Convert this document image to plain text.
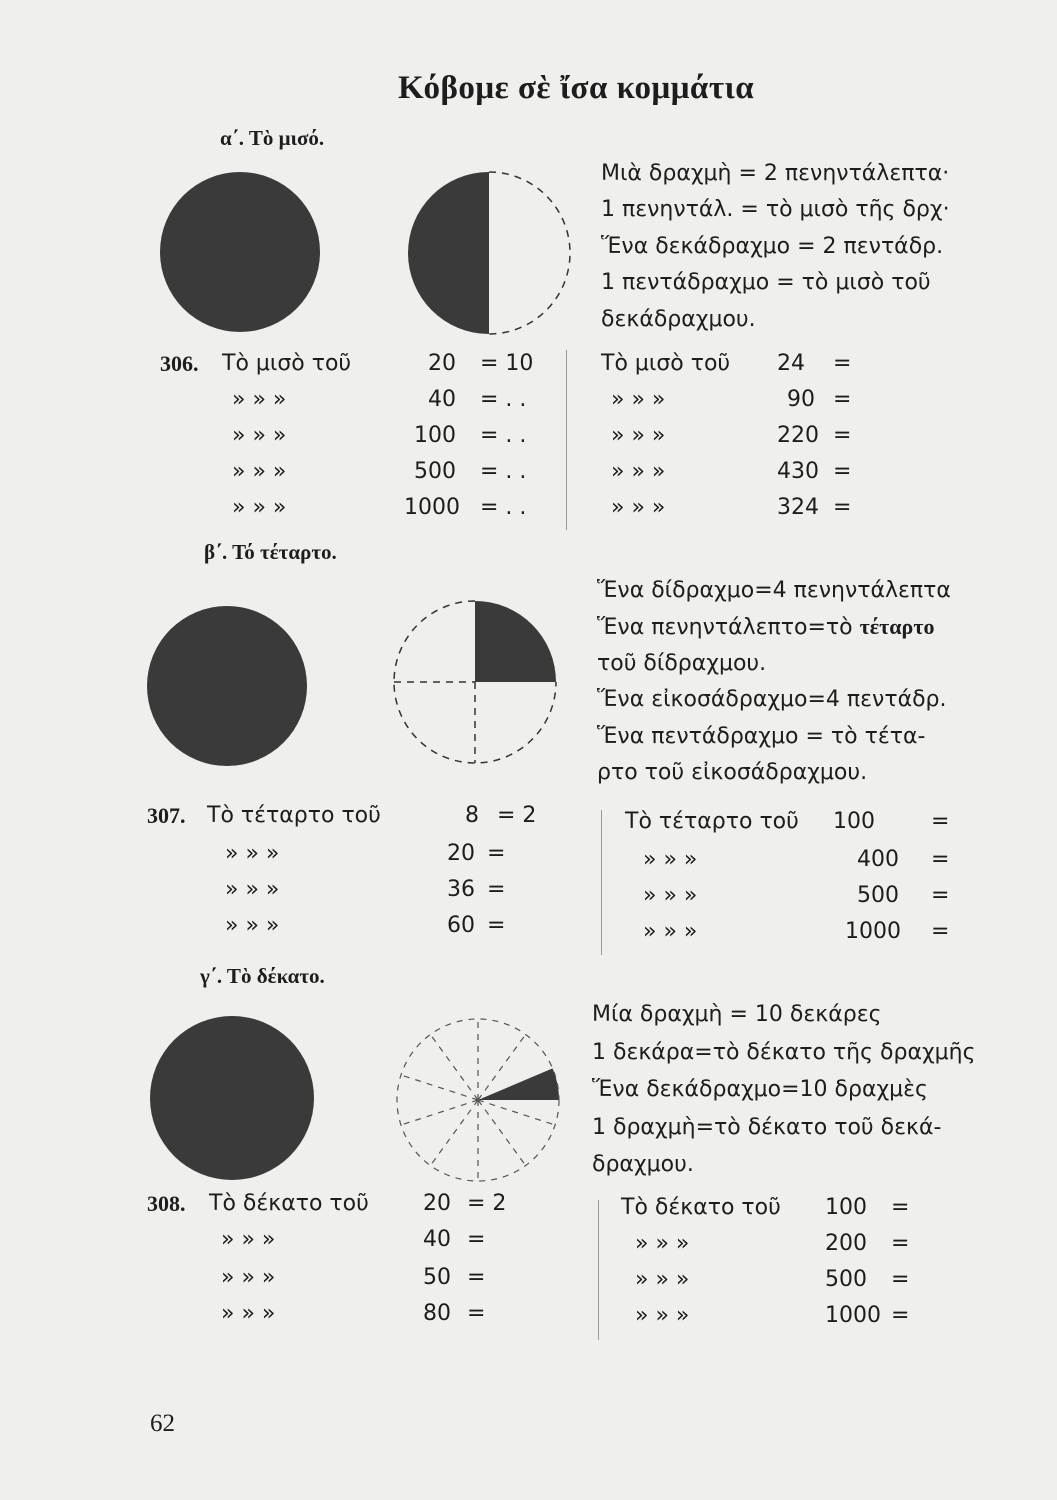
Κόβομε σὲ ἴσα κομμάτια
α΄. Τὸ μισό.
Μιὰ δραχμὴ = 2 πενηντάλεπτα·
1 πενηντάλ. = τὸ μισὸ τῆς δρχ·
Ἕνα δεκάδραχμο = 2 πεντάδρ.
1 πεντάδραχμο = τὸ μισὸ τοῦ
δεκάδραχμου.
306. Τὸ μισὸ τοῦ	20 = 10
» » »	40 = . .
» » »	100 = . .
» » »	500 = . .
» » »	1000 = . .
Τὸ μισὸ τοῦ 24 =
» » »	90 =
» » »	220 =
» » »	430 =
» » »	324 =
β΄. Τό τέταρτο.
Ἕνα δίδραχμο=4 πενηντάλεπτα
Ἕνα πενηντάλεπτο=τὸ τέταρτο
τοῦ δίδραχμου.
Ἕνα εἰκοσάδραχμο=4 πεντάδρ.
Ἕνα πεντάδραχμο = τὸ τέτα-
ρτο τοῦ εἰκοσάδραχμου.
307. Τὸ τέταρτο τοῦ	8 = 2
» » »	20 =
» » »	36 =
» » »	60 =
Τὸ τέταρτο τοῦ 100	=
» » »	400 =
» » »	500 =
» » »	1000 =
γ΄. Τὸ δέκατο.
Μία δραχμὴ = 10 δεκάρες
1 δεκάρα=τὸ δέκατο τῆς δραχμῆς
Ἕνα δεκάδραχμο=10 δραχμὲς
1 δραχμὴ=τὸ δέκατο τοῦ δεκά-
δραχμου.
308. Τὸ δέκατο τοῦ 20 = 2
» » »	40 =
» » »	50 =
» » »	80 =
Τὸ δέκατο τοῦ 100 =
» » »	200 =
» » »	500 =
» » »	1000 =
62
